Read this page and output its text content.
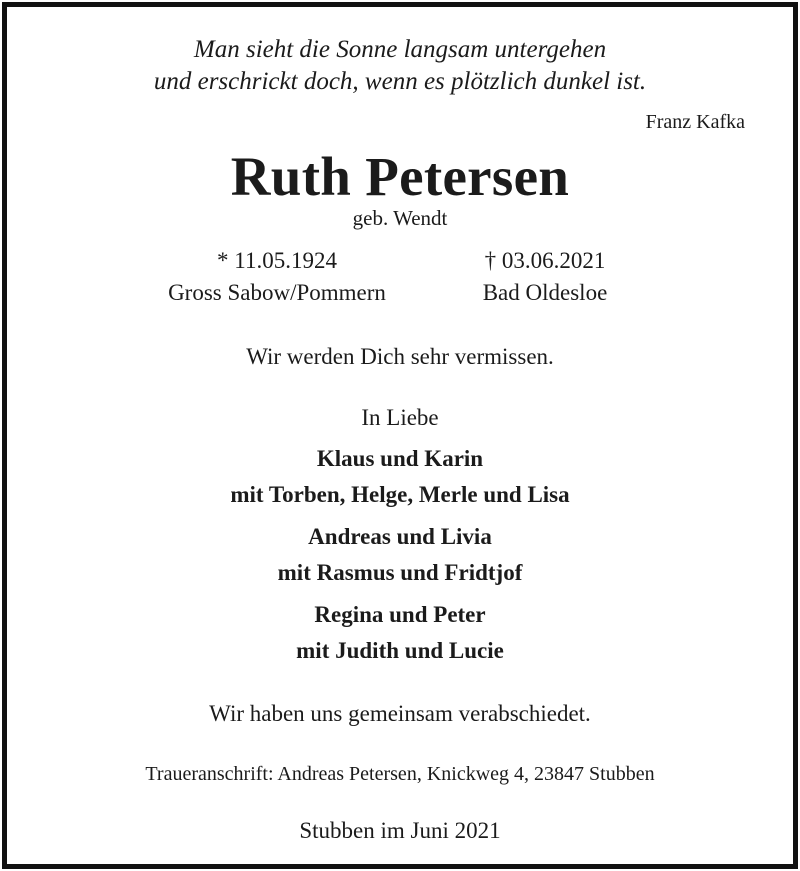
Man sieht die Sonne langsam untergehen
und erschrickt doch, wenn es plötzlich dunkel ist.
Franz Kafka
Ruth Petersen
geb. Wendt
* 11.05.1924
Gross Sabow/Pommern
† 03.06.2021
Bad Oldesloe
Wir werden Dich sehr vermissen.
In Liebe
Klaus und Karin
mit Torben, Helge, Merle und Lisa
Andreas und Livia
mit Rasmus und Fridtjof
Regina und Peter
mit Judith und Lucie
Wir haben uns gemeinsam verabschiedet.
Traueranschrift: Andreas Petersen, Knickweg 4, 23847 Stubben
Stubben im Juni 2021
